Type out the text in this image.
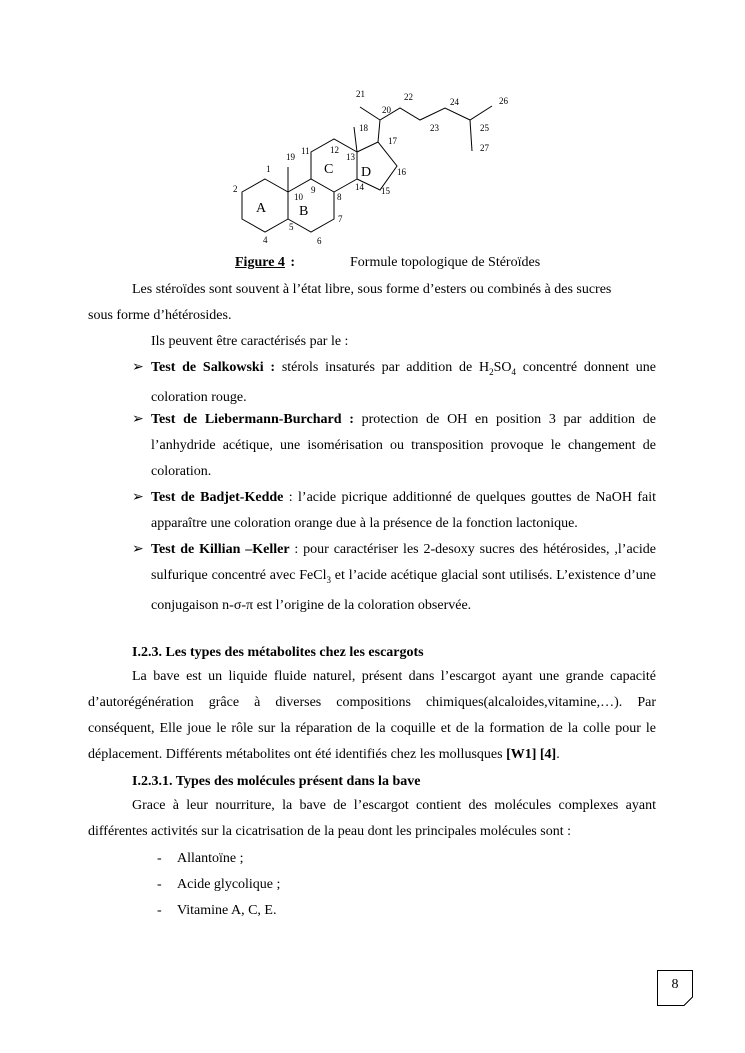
1
2
4
5
6
7
8
9
10
11 12
13
14 15
16
17
18
19
20
21	22
23
24
25
26
27
A B
C D
Figure 4 :	Formule topologique de Stéroïdes
Les stéroïdes sont souvent à l’état libre, sous forme d’esters ou combinés à des sucres
sous forme d’hétérosides.
Ils peuvent être caractérisés par le :
➢ Test de Salkowski : stérols insaturés par addition de $H_2SO_4$ concentré donnent une coloration rouge.
➢ Test de Liebermann-Burchard : protection de OH en position 3 par addition de l’anhydride acétique, une isomérisation ou transposition provoque le changement de coloration.
➢ Test de Badjet-Kedde : l’acide picrique additionné de quelques gouttes de NaOH fait apparaître une coloration orange due à la présence de la fonction lactonique.
➢ Test de Killian –Keller : pour caractériser les 2-desoxy sucres des hétérosides, ,l’acide sulfurique concentré avec FeCl$_3$ et l’acide acétique glacial sont utilisés. L’existence d’une conjugaison n-σ-π est l’origine de la coloration observée.
I.2.3. Les types des métabolites chez les escargots
La bave est un liquide fluide naturel, présent dans l’escargot ayant une grande capacité d’autorégénération grâce à diverses compositions chimiques(alcaloides,vitamine,…). Par conséquent, Elle joue le rôle sur la réparation de la coquille et de la formation de la colle pour le déplacement. Différents métabolites ont été identifiés chez les mollusques [W1] [4].
I.2.3.1. Types des molécules présent dans la bave
Grace à leur nourriture, la bave de l’escargot contient des molécules complexes ayant différentes activités sur la cicatrisation de la peau dont les principales molécules sont :
- Allantoïne ;
- Acide glycolique ;
- Vitamine A, C, E.
8
